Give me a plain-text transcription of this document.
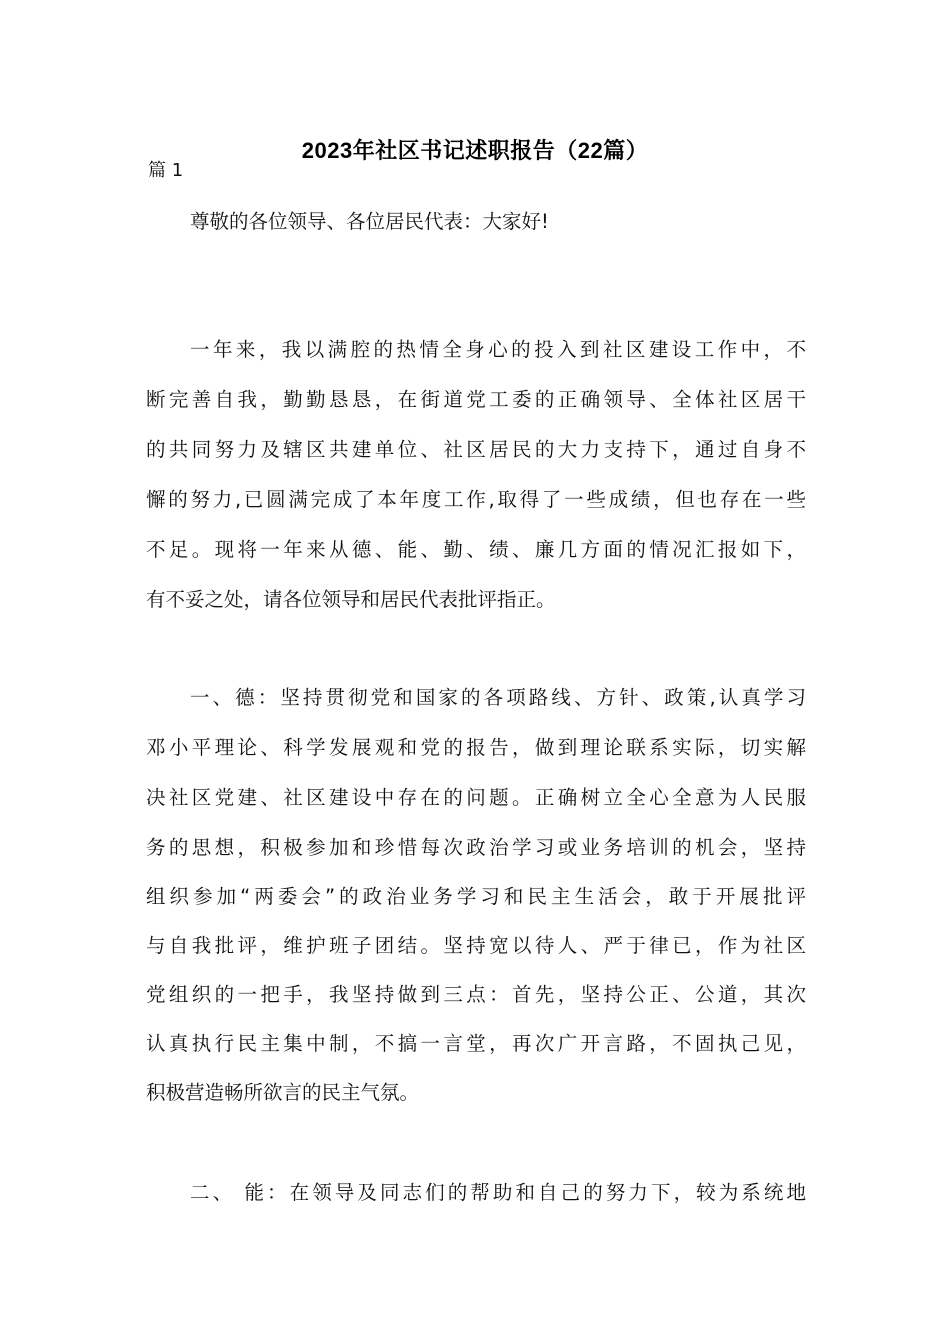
2023年社区书记述职报告（22篇）
篇 1
尊敬的各位领导、各位居民代表：大家好!
一年来，我以满腔的热情全身心的投入到社区建设工作中，不
断完善自我，勤勤恳恳，在街道党工委的正确领导、全体社区居干
的共同努力及辖区共建单位、社区居民的大力支持下，通过自身不
懈的努力,已圆满完成了本年度工作,取得了一些成绩，但也存在一些
不足。现将一年来从德、能、勤、绩、廉几方面的情况汇报如下，
有不妥之处，请各位领导和居民代表批评指正。
一、德：坚持贯彻党和国家的各项路线、方针、政策,认真学习
邓小平理论、科学发展观和党的报告，做到理论联系实际，切实解
决社区党建、社区建设中存在的问题。正确树立全心全意为人民服
务的思想，积极参加和珍惜每次政治学习或业务培训的机会，坚持
组织参加“两委会”的政治业务学习和民主生活会，敢于开展批评
与自我批评，维护班子团结。坚持宽以待人、严于律已，作为社区
党组织的一把手，我坚持做到三点：首先，坚持公正、公道，其次
认真执行民主集中制，不搞一言堂，再次广开言路，不固执己见，
积极营造畅所欲言的民主气氛。
二、 能：在领导及同志们的帮助和自己的努力下，较为系统地
